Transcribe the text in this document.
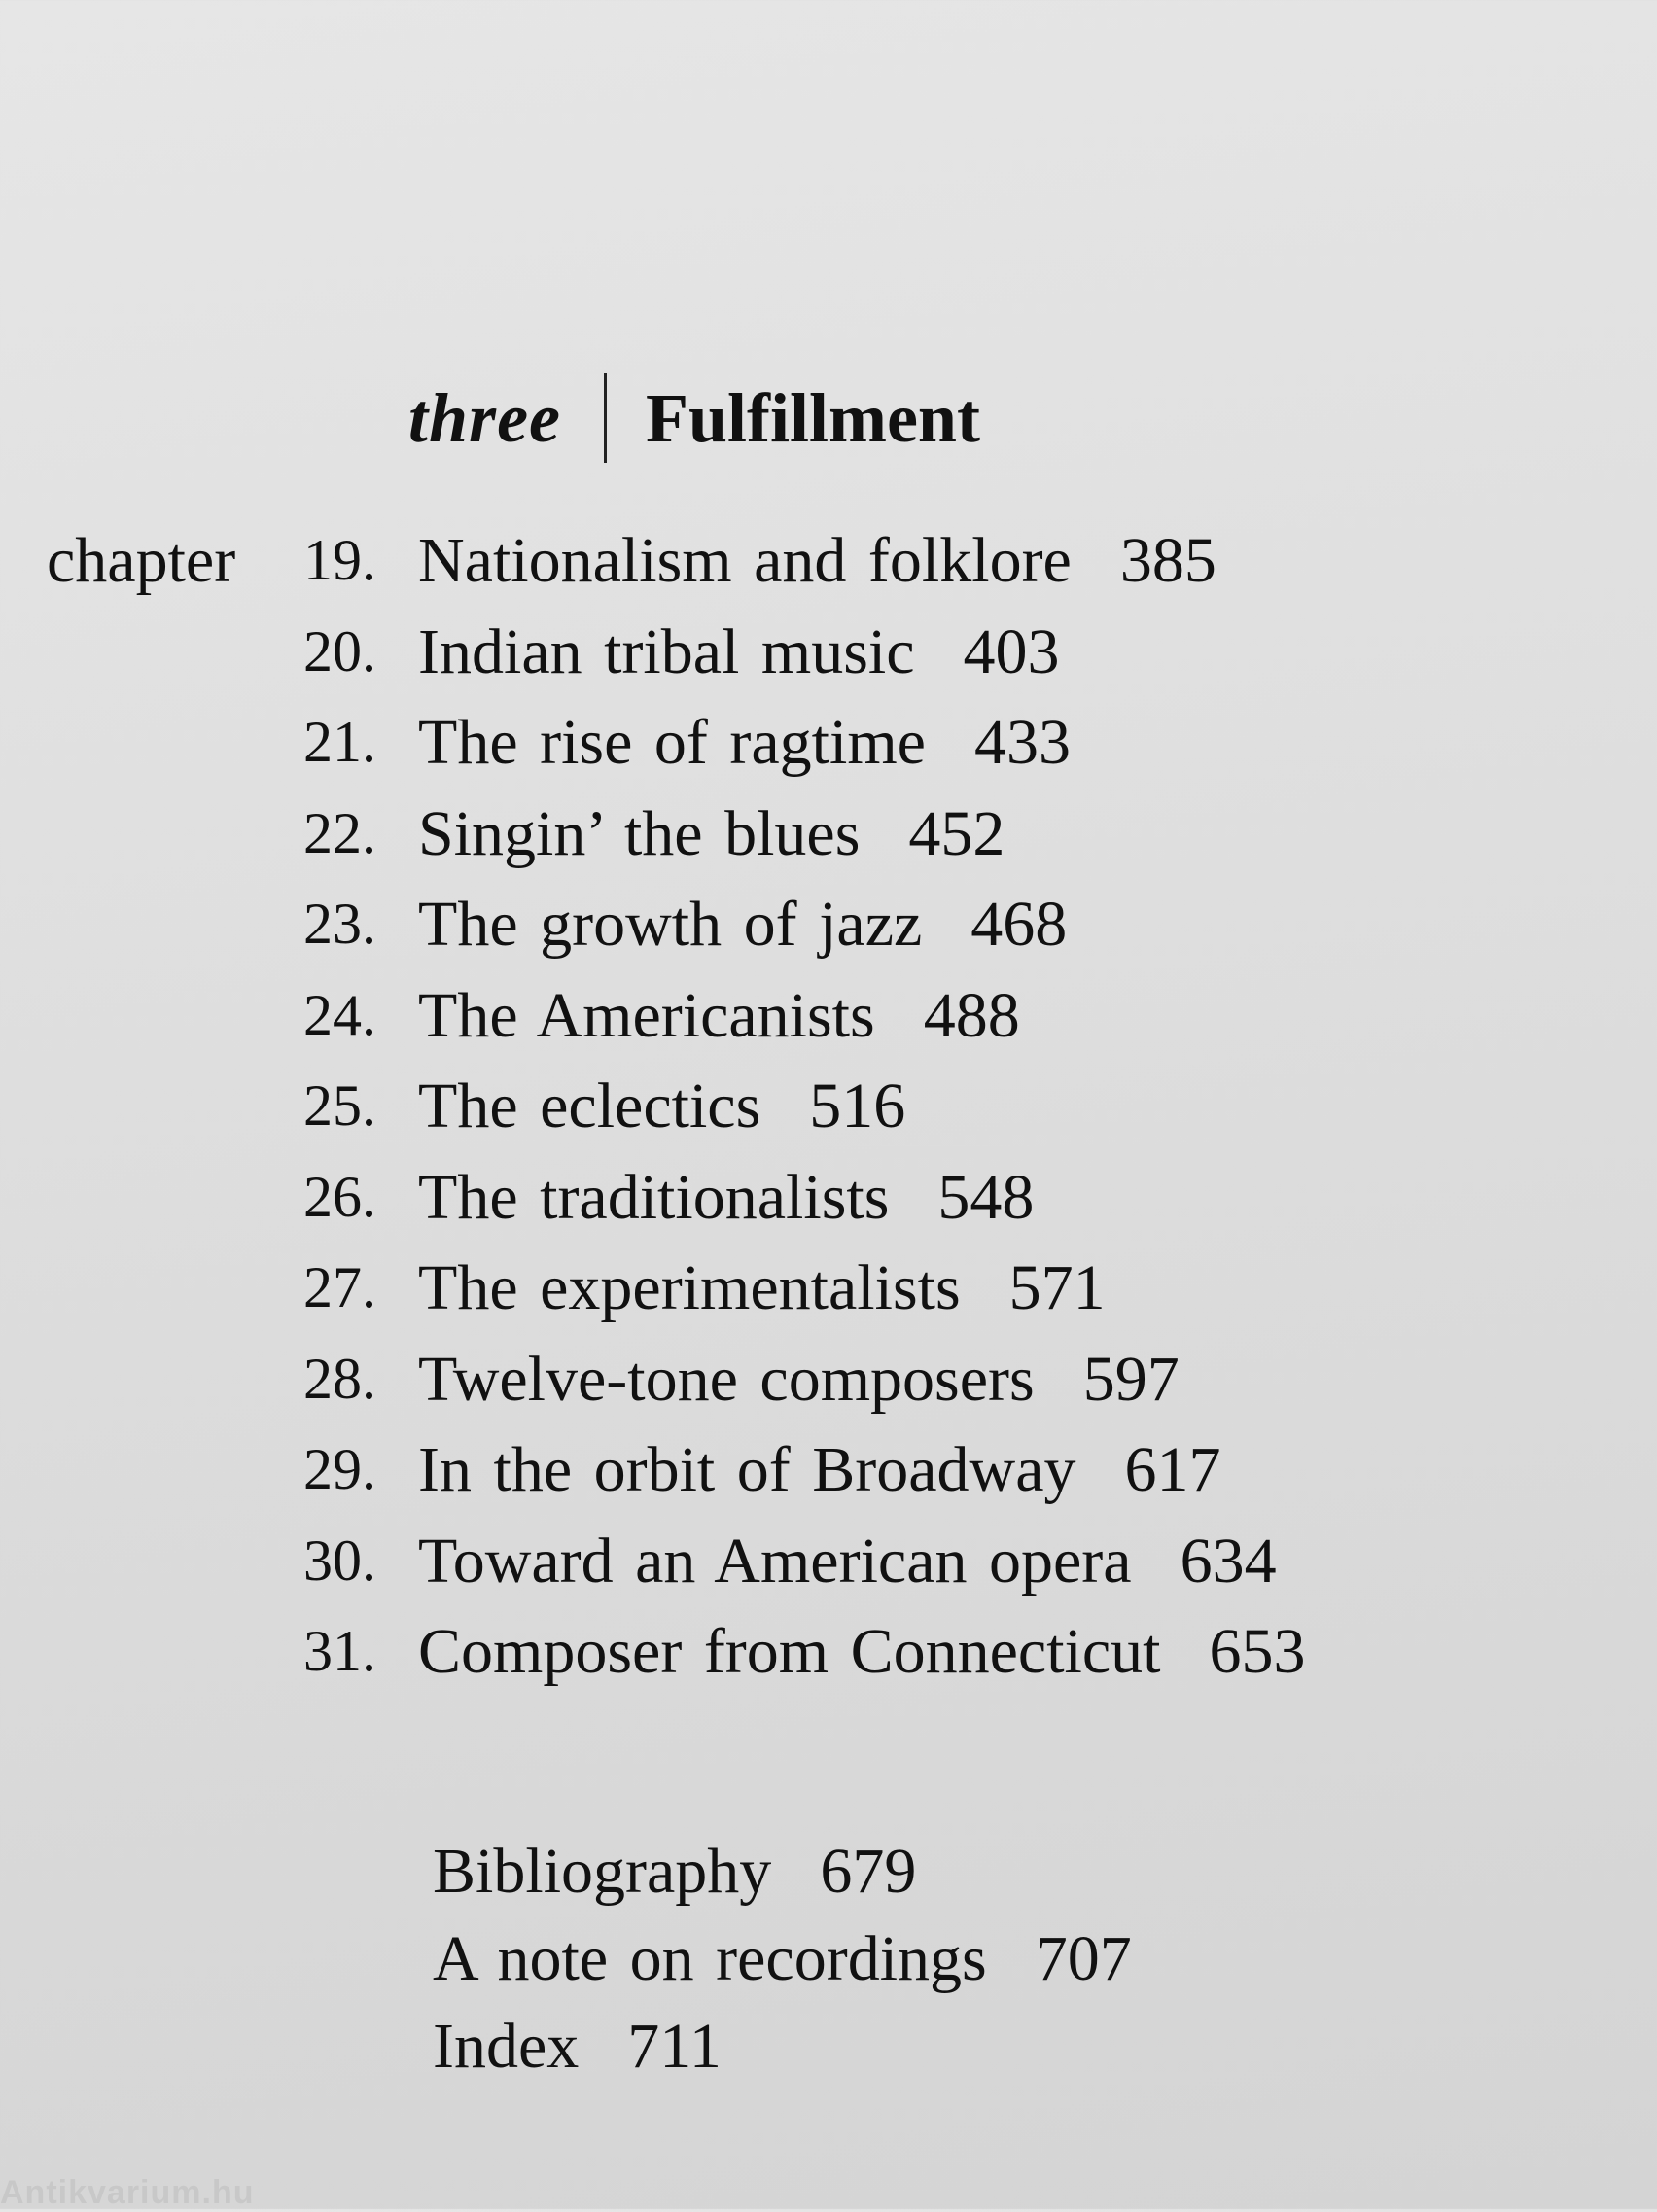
three Fulfillment
chapter 19. Nationalism and folklore 385
20. Indian tribal music 403
21. The rise of ragtime 433
22. Singin’ the blues 452
23. The growth of jazz 468
24. The Americanists 488
25. The eclectics 516
26. The traditionalists 548
27. The experimentalists 571
28. Twelve-tone composers 597
29. In the orbit of Broadway 617
30. Toward an American opera 634
31. Composer from Connecticut 653
Bibliography 679
A note on recordings 707
Index 711
Antikvarium.hu
